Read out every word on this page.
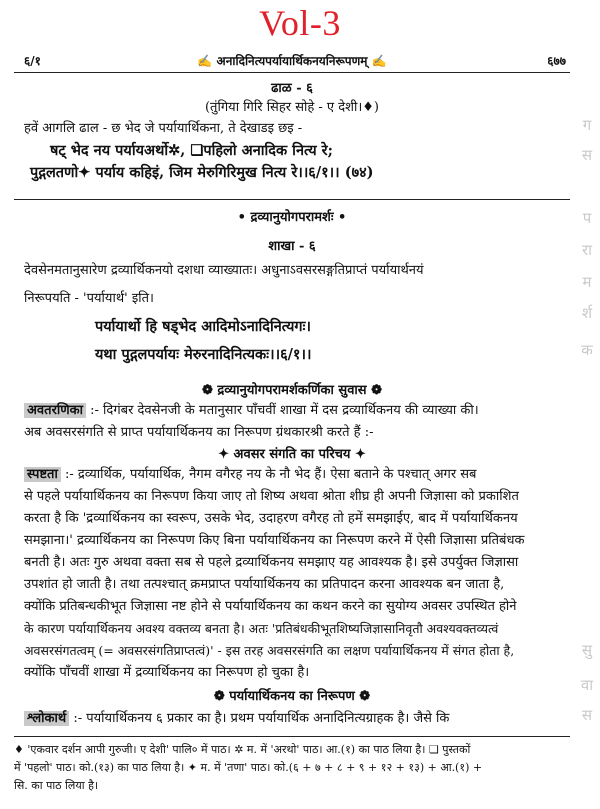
Vol-3
६/१	✍ अनादिनित्यपर्यायार्थिकनयनिरूपणम् ✍	६७७
ढाळ - ६
(तुंगिया गिरि सिहर सोहे - ए देशी।♦)
हवें आगलि ढाल - छ भेद जे पर्यायार्थिकना, ते देखाडइ छइ -
षट् भेद नय पर्यायअर्थो✲, ❏पहिलो अनादिक नित्य रे;
पुद्गलतणो✦ पर्याय कहिइं, जिम मेरुगिरिमुख नित्य रे।।६/१।। (७४)
• द्रव्यानुयोगपरामर्शः •
शाखा - ६
देवसेनमतानुसारेण द्रव्यार्थिकनयो दशधा व्याख्यातः। अधुनाऽवसरसङ्गतिप्राप्तं पर्यायार्थनयं
निरूपयति - 'पर्यायार्थ' इति।
पर्यायार्थो हि षड्भेद आदिमोऽनादिनित्यगः।
यथा पुद्गलपर्यायः मेरुरनादिनित्यकः।।६/१।।
❁ द्रव्यानुयोगपरामर्शकर्णिका सुवास ❁
अवतरणिका :- दिगंबर देवसेनजी के मतानुसार पाँचवीं शाखा में दस द्रव्यार्थिकनय की व्याख्या की।
अब अवसरसंगति से प्राप्त पर्यायार्थिकनय का निरूपण ग्रंथकारश्री करते हैं :-
✦ अवसर संगति का परिचय ✦
स्पष्टता :- द्रव्यार्थिक, पर्यायार्थिक, नैगम वगैरह नय के नौ भेद हैं। ऐसा बताने के पश्चात् अगर सब
से पहले पर्यायार्थिकनय का निरूपण किया जाए तो शिष्य अथवा श्रोता शीघ्र ही अपनी जिज्ञासा को प्रकाशित
करता है कि 'द्रव्यार्थिकनय का स्वरूप, उसके भेद, उदाहरण वगैरह तो हमें समझाईए, बाद में पर्यायार्थिकनय
समझाना।' द्रव्यार्थिकनय का निरूपण किए बिना पर्यायार्थिकनय का निरूपण करने में ऐसी जिज्ञासा प्रतिबंधक
बनती है। अतः गुरु अथवा वक्ता सब से पहले द्रव्यार्थिकनय समझाए यह आवश्यक है। इसे उपर्युक्त जिज्ञासा
उपशांत हो जाती है। तथा तत्पश्चात् क्रमप्राप्त पर्यायार्थिकनय का प्रतिपादन करना आवश्यक बन जाता है,
क्योंकि प्रतिबन्धकीभूत जिज्ञासा नष्ट होने से पर्यायार्थिकनय का कथन करने का सुयोग्य अवसर उपस्थित होने
के कारण पर्यायार्थिकनय अवश्य वक्तव्य बनता है। अतः 'प्रतिबंधकीभूतशिष्यजिज्ञासानिवृतौ अवश्यवक्तव्यत्वं
अवसरसंगतत्वम् (= अवसरसंगतिप्राप्तत्वं)' - इस तरह अवसरसंगति का लक्षण पर्यायार्थिकनय में संगत होता है,
क्योंकि पाँचवीं शाखा में द्रव्यार्थिकनय का निरूपण हो चुका है।
❁ पर्यायार्थिकनय का निरूपण ❁
श्लोकार्थ :- पर्यायार्थिकनय ६ प्रकार का है। प्रथम पर्यायार्थिक अनादिनित्यग्राहक है। जैसे कि
♦ 'एकवार दर्शन आपी गुरुजी। ए देशी' पालि० में पाठ। ✲ म. में 'अरथो' पाठ। आ.(१) का पाठ लिया है। ❏ पुस्तकों
में 'पहलो' पाठ। को.(१३) का पाठ लिया है। ✦ म. में 'तणा' पाठ। को.(६ + ७ + ८ + ९ + १२ + १३) + आ.(१) +
सि. का पाठ लिया है।
ग
स
प
रा
म
र्श
क
सु
वा
स
